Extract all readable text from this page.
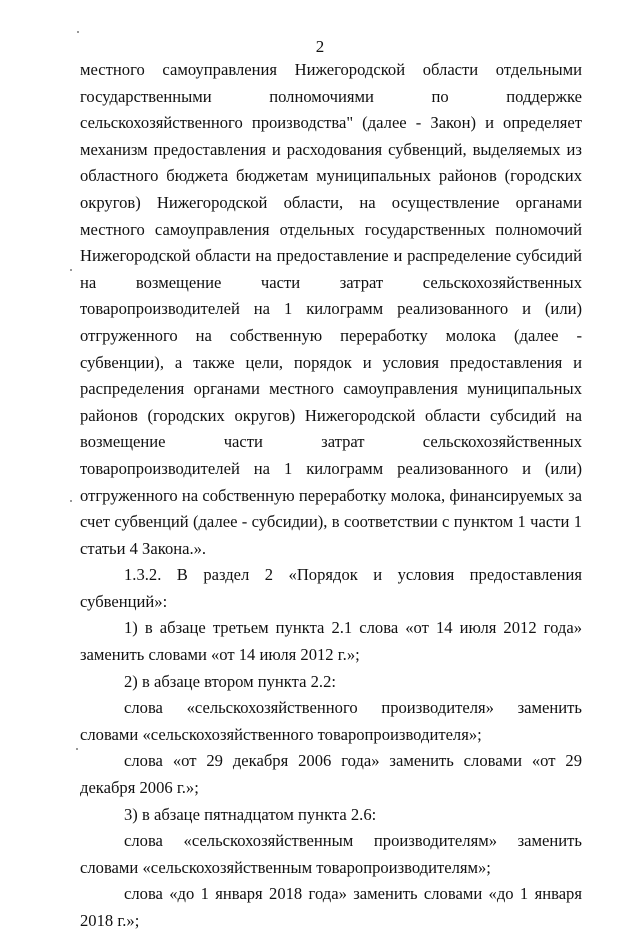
2

местного самоуправления Нижегородской области отдельными государственными полномочиями по поддержке сельскохозяйственного производства" (далее - Закон) и определяет механизм предоставления и расходования субвенций, выделяемых из областного бюджета бюджетам муниципальных районов (городских округов) Нижегородской области, на осуществление органами местного самоуправления отдельных государственных полномочий Нижегородской области на предоставление и распределение субсидий на возмещение части затрат сельскохозяйственных товаропроизводителей на 1 килограмм реализованного и (или) отгруженного на собственную переработку молока (далее - субвенции), а также цели, порядок и условия предоставления и распределения органами местного самоуправления муниципальных районов (городских округов) Нижегородской области субсидий на возмещение части затрат сельскохозяйственных товаропроизводителей на 1 килограмм реализованного и (или) отгруженного на собственную переработку молока, финансируемых за счет субвенций (далее - субсидии), в соответствии с пунктом 1 части 1 статьи 4 Закона.».

1.3.2. В раздел 2 «Порядок и условия предоставления субвенций»:

1) в абзаце третьем пункта 2.1 слова «от 14 июля 2012 года» заменить словами «от 14 июля 2012 г.»;

2) в абзаце втором пункта 2.2:

слова «сельскохозяйственного производителя» заменить словами «сельскохозяйственного товаропроизводителя»;

слова «от 29 декабря 2006 года» заменить словами «от 29 декабря 2006 г.»;

3) в абзаце пятнадцатом пункта 2.6:

слова «сельскохозяйственным производителям» заменить словами «сельскохозяйственным товаропроизводителям»;

слова «до 1 января 2018 года» заменить словами «до 1 января 2018 г.»;
